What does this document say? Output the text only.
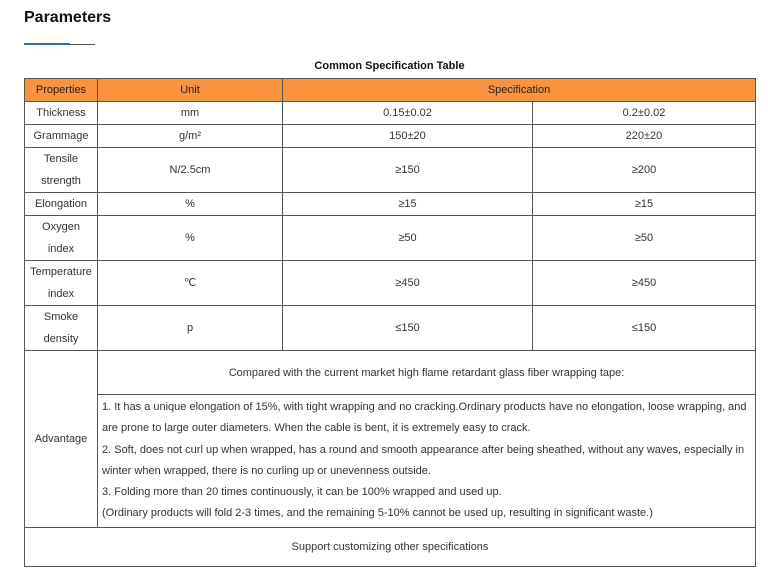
Parameters
Common Specification Table
Properties	Unit	Specification	
Thickness	mm	0.15±0.02	0.2±0.02
Grammage	g/m²	150±20	220±20
Tensile strength	N/2.5cm	≥150	≥200
Elongation	%	≥15	≥15
Oxygen index	%	≥50	≥50
Temperature index	℃	≥450	≥450
Smoke density	p	≤150	≤150
Advantage	Compared with the current market high flame retardant glass fiber wrapping tape:		

	1. It has a unique elongation of 15%, with tight wrapping and no cracking.Ordinary products have no elongation, loose wrapping, and are prone to large outer diameters. When the cable is bent, it is extremely easy to crack.
2. Soft, does not curl up when wrapped, has a round and smooth appearance after being sheathed, without any waves, especially in winter when wrapped, there is no curling up or unevenness outside.
3. Folding more than 20 times continuously, it can be 100% wrapped and used up.
(Ordinary products will fold 2-3 times, and the remaining 5-10% cannot be used up, resulting in significant waste.)		

Support customizing other specifications			
